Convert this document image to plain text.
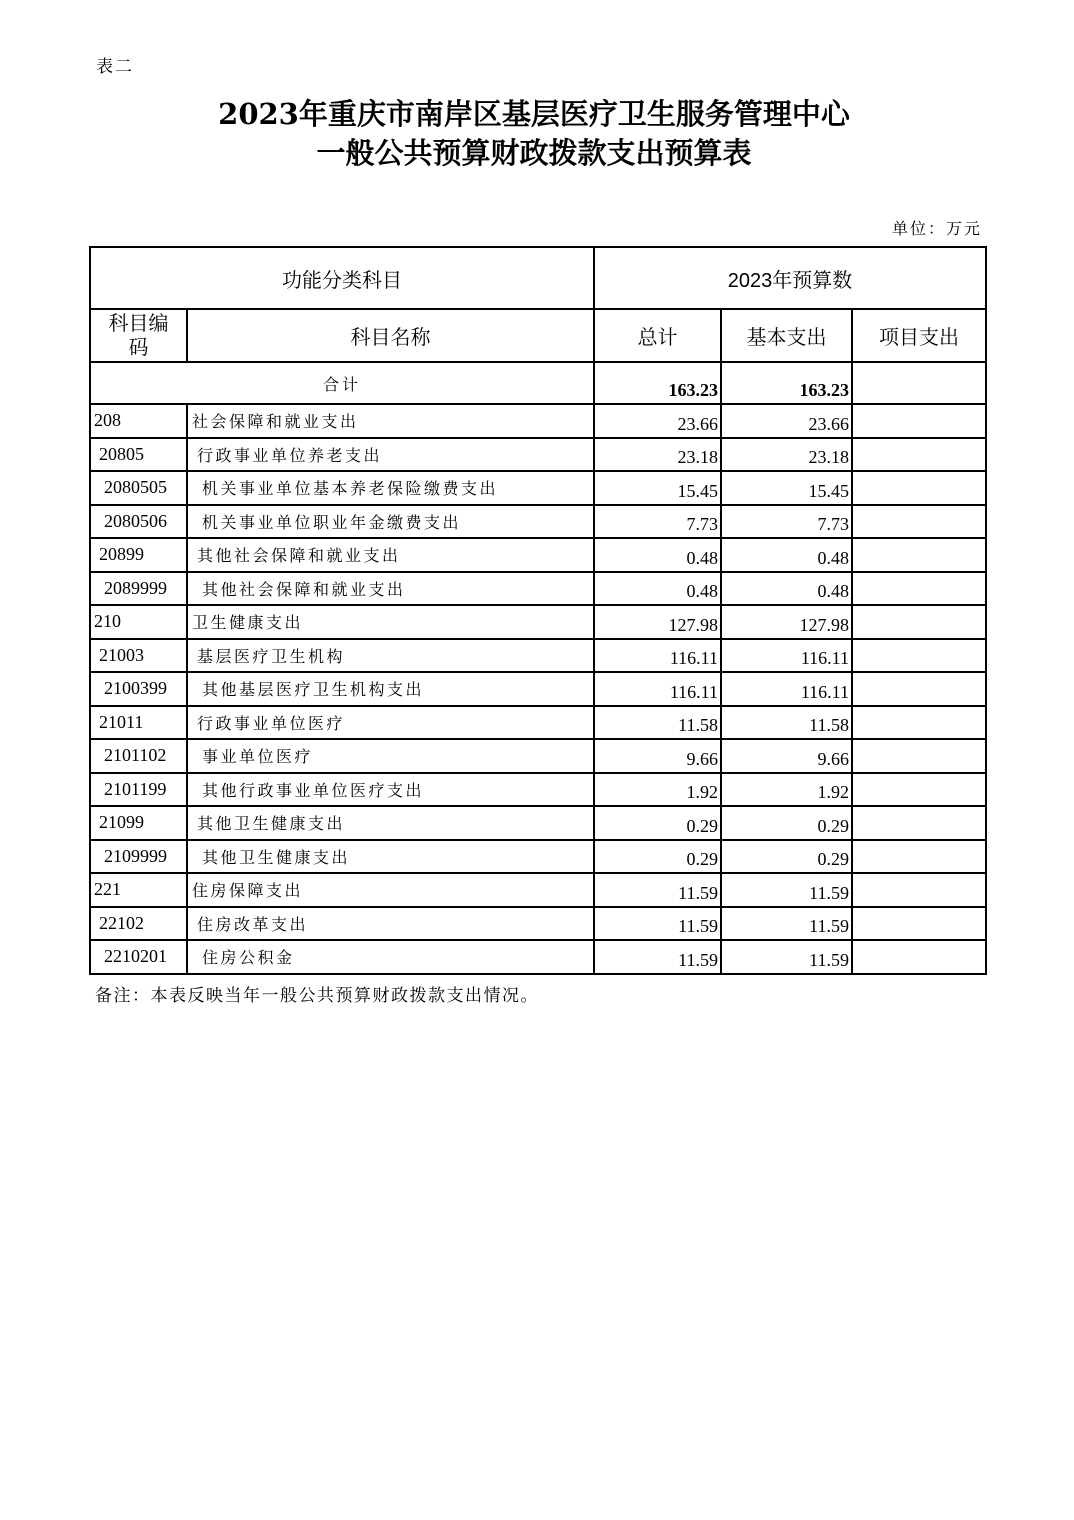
表二
2023年重庆市南岸区基层医疗卫生服务管理中心
一般公共预算财政拨款支出预算表
单位：万元
功能分类科目		2023年预算数		

科目编
码	科目名称	总计	基本支出	项目支出
合计		163.23	163.23	
208	社会保障和就业支出	23.66	23.66	
20805	行政事业单位养老支出	23.18	23.18	
2080505	机关事业单位基本养老保险缴费支出	15.45	15.45	
2080506	机关事业单位职业年金缴费支出	7.73	7.73	
20899	其他社会保障和就业支出	0.48	0.48	
2089999	其他社会保障和就业支出	0.48	0.48	
210	卫生健康支出	127.98	127.98	
21003	基层医疗卫生机构	116.11	116.11	
2100399	其他基层医疗卫生机构支出	116.11	116.11	
21011	行政事业单位医疗	11.58	11.58	
2101102	事业单位医疗	9.66	9.66	
2101199	其他行政事业单位医疗支出	1.92	1.92	
21099	其他卫生健康支出	0.29	0.29	
2109999	其他卫生健康支出	0.29	0.29	
221	住房保障支出	11.59	11.59	
22102	住房改革支出	11.59	11.59	
2210201	住房公积金	11.59	11.59	
备注：本表反映当年一般公共预算财政拨款支出情况。
